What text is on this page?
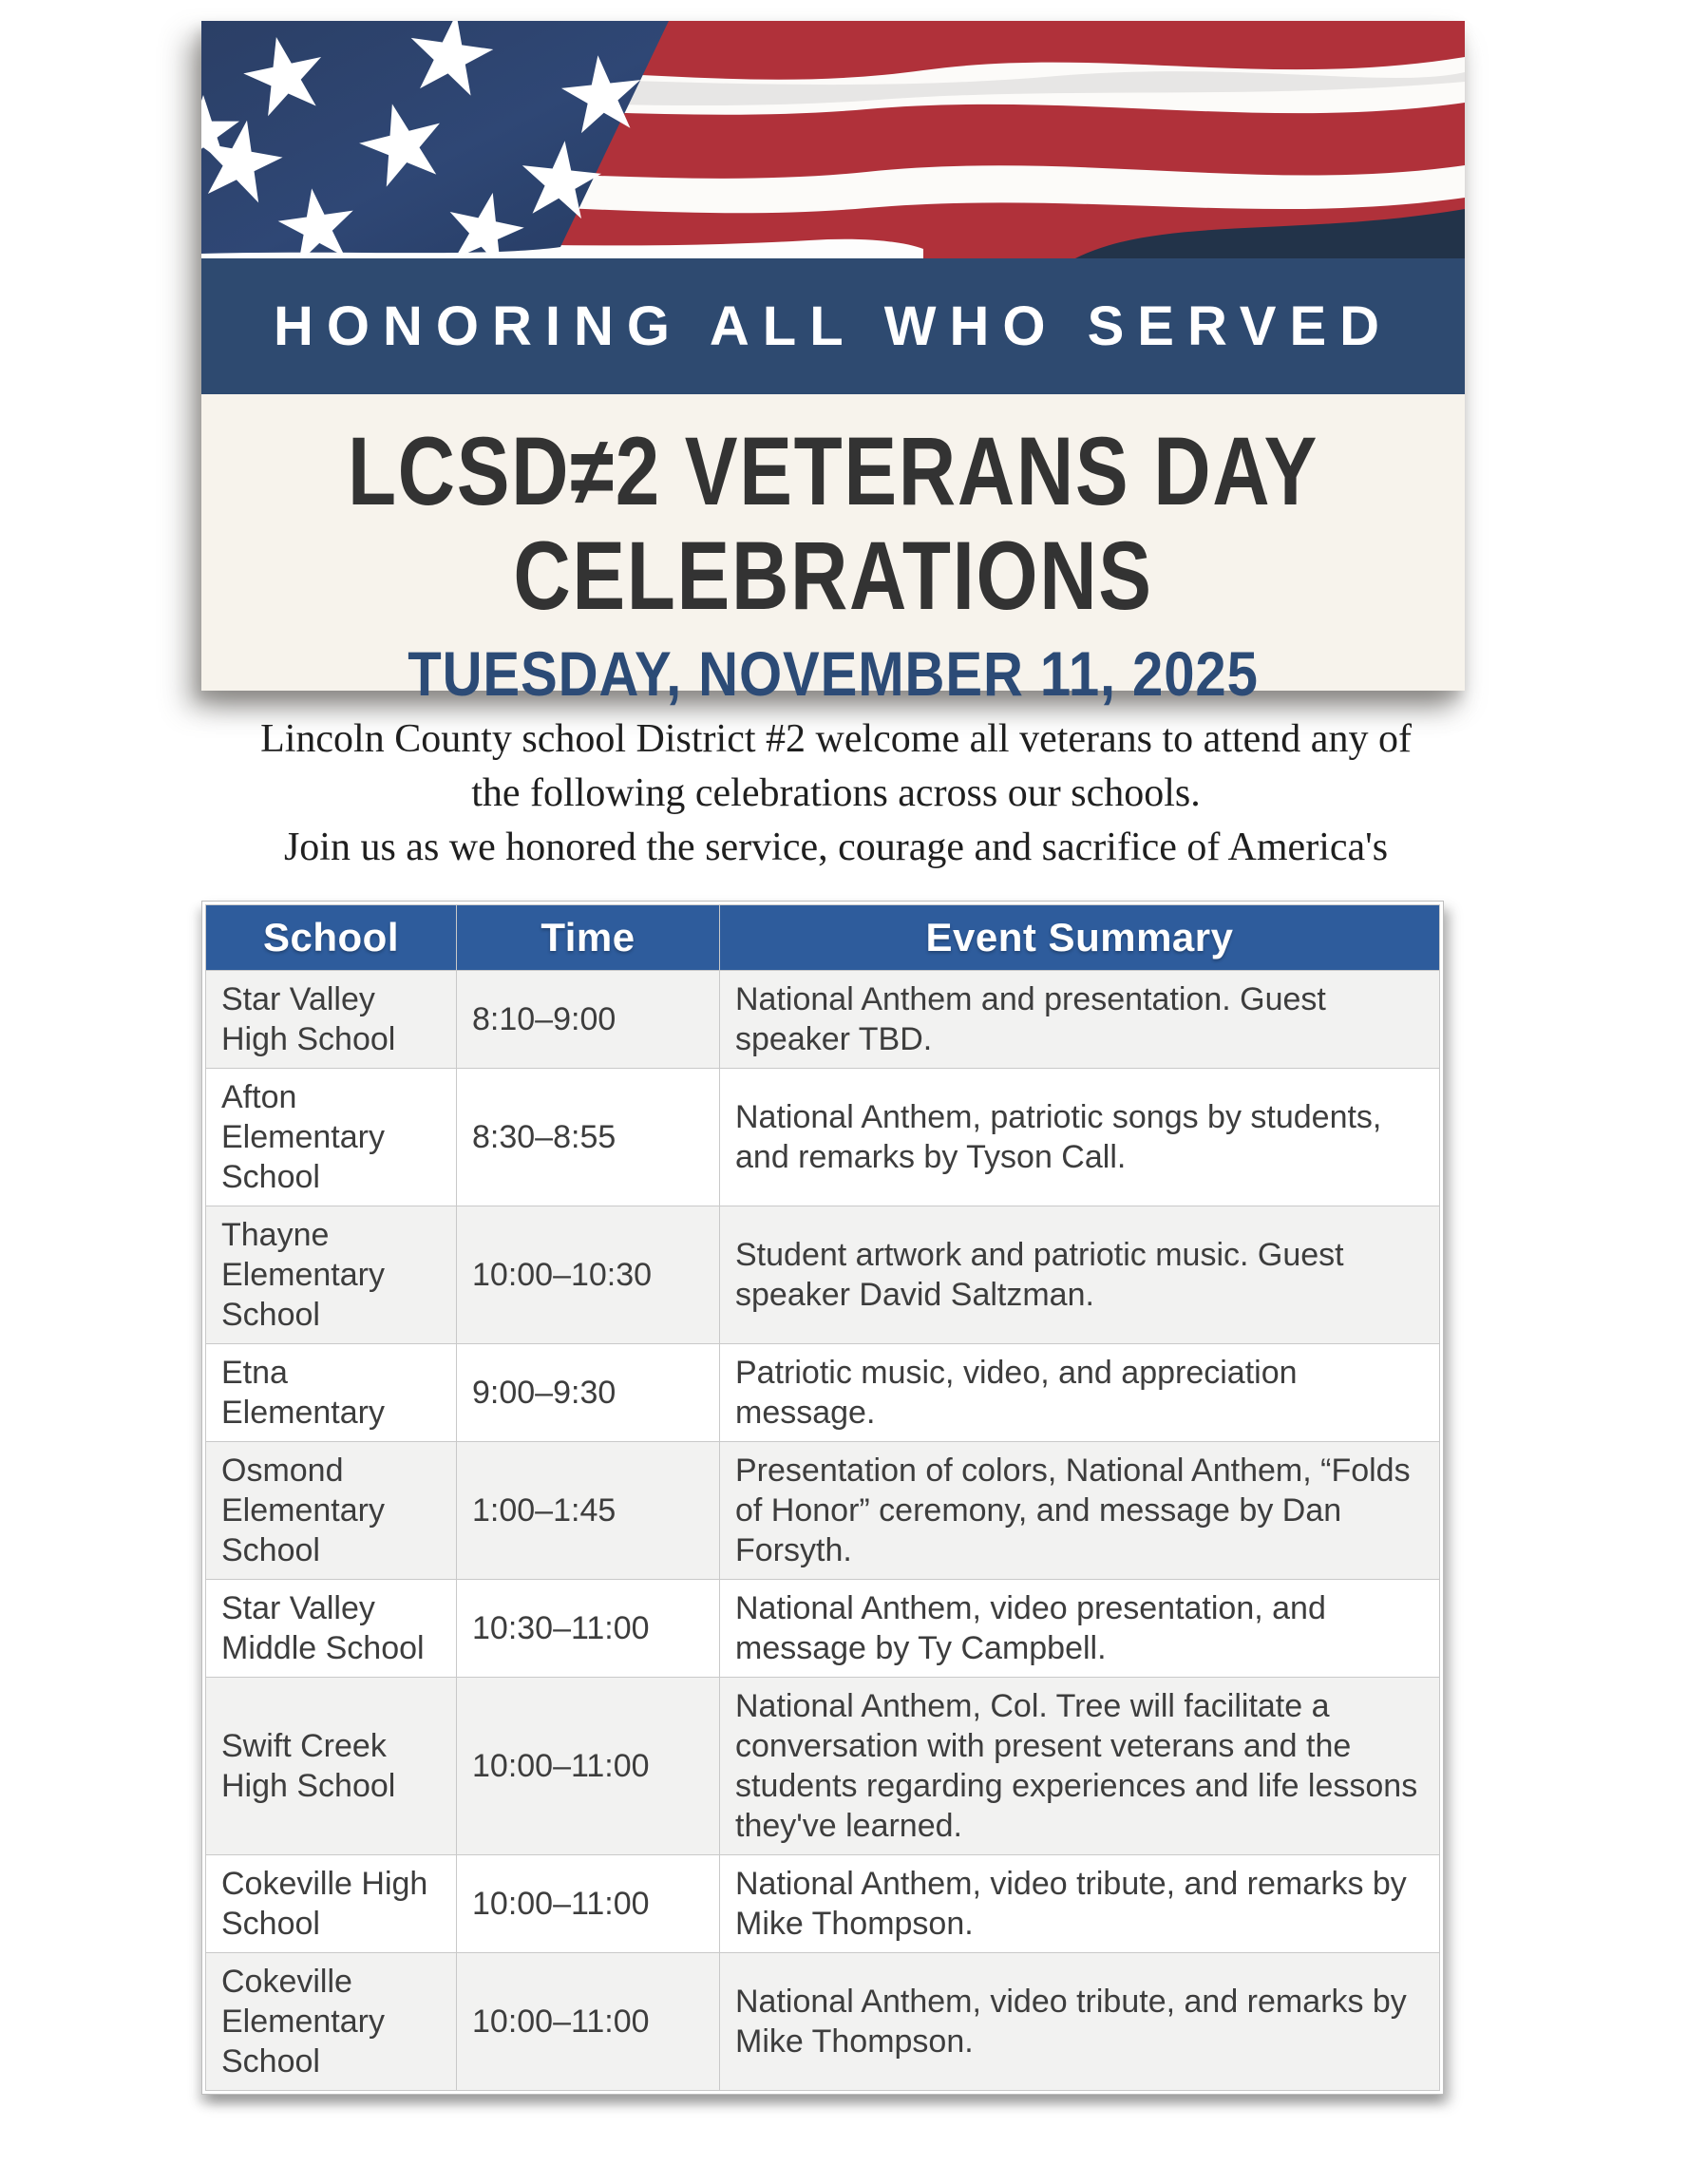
HONORING ALL WHO SERVED
LCSD≠2 VETERANS DAY
CELEBRATIONS
TUESDAY, NOVEMBER 11, 2025
Lincoln County school District #2 welcome all veterans to attend any of
the following celebrations across our schools.
Join us as we honored the service, courage and sacrifice of America's
School	Time	Event Summary
Star Valley High School	8:10–9:00	National Anthem and presentation. Guest speaker TBD.
Afton Elementary School	8:30–8:55	National Anthem, patriotic songs by students, and remarks by Tyson Call.
Thayne Elementary School	10:00–10:30	Student artwork and patriotic music. Guest speaker David Saltzman.
Etna Elementary	9:00–9:30	Patriotic music, video, and appreciation message.
Osmond Elementary School	1:00–1:45	Presentation of colors, National Anthem, “Folds of Honor” ceremony, and message by Dan Forsyth.
Star Valley Middle School	10:30–11:00	National Anthem, video presentation, and message by Ty Campbell.
Swift Creek High School	10:00–11:00	National Anthem, Col. Tree will facilitate a conversation with present veterans and the students regarding experiences and life lessons they've learned.
Cokeville High School	10:00–11:00	National Anthem, video tribute, and remarks by Mike Thompson.
Cokeville Elementary School	10:00–11:00	National Anthem, video tribute, and remarks by Mike Thompson.
